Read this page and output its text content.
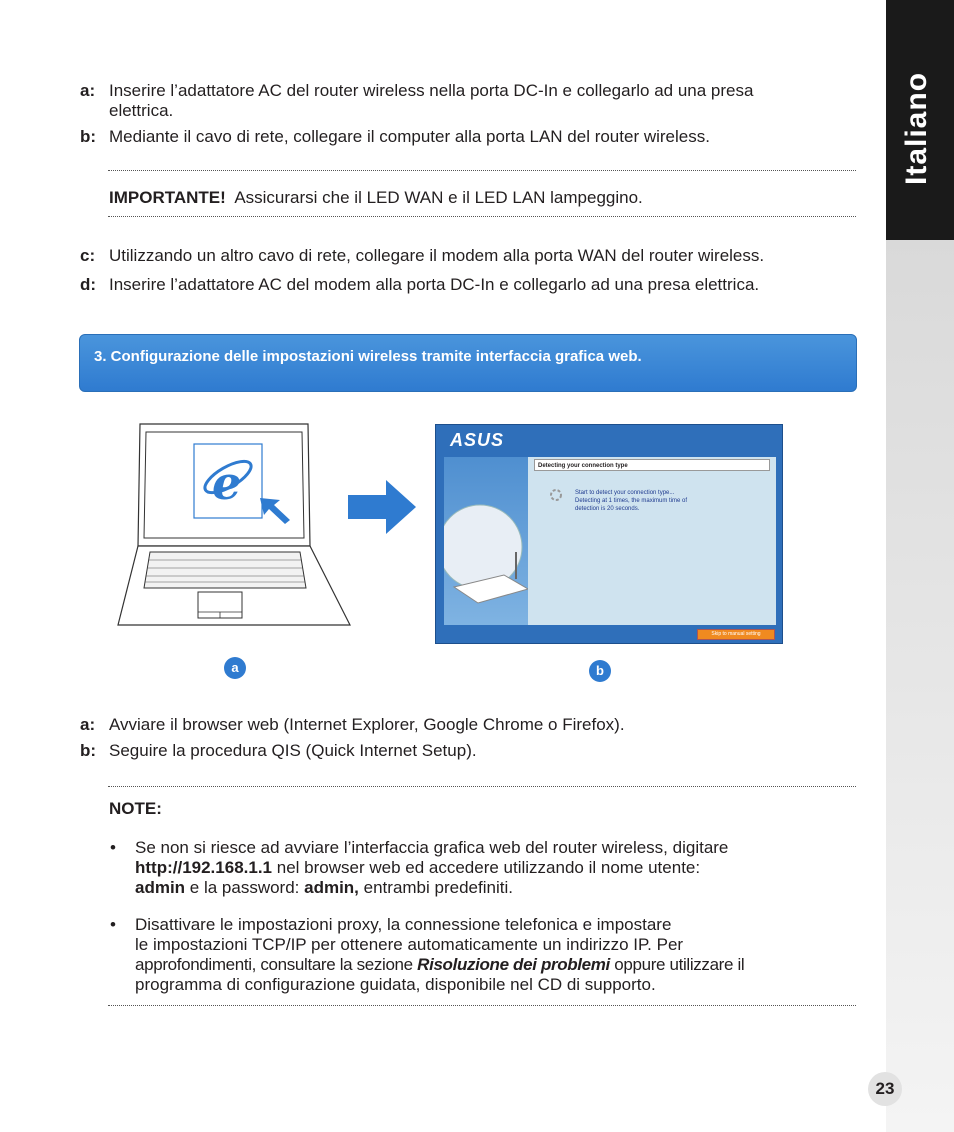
Italiano
23
a: Inserire l’adattatore AC del router wireless nella porta DC-In e collegarlo ad una presa
elettrica.
b: Mediante il cavo di rete, collegare il computer alla porta LAN del router wireless.
IMPORTANTE! Assicurarsi che il LED WAN e il LED LAN lampeggino.
c: Utilizzando un altro cavo di rete, collegare il modem alla porta WAN del router wireless.
d: Inserire l’adattatore AC del modem alla porta DC-In e collegarlo ad una presa elettrica.
3. Configurazione delle impostazioni wireless tramite interfaccia grafica web.
e
ASUS
Detecting your connection type
Start to detect your connection type...
Detecting at 1 times, the maximum time of
detection is 20 seconds.
Skip to manual setting
a	b
a: Avviare il browser web (Internet Explorer, Google Chrome o Firefox).
b: Seguire la procedura QIS (Quick Internet Setup).
NOTE:
• Se non si riesce ad avviare l’interfaccia grafica web del router wireless, digitare
http://192.168.1.1 nel browser web ed accedere utilizzando il nome utente:
admin e la password: admin, entrambi predefiniti.
• Disattivare le impostazioni proxy, la connessione telefonica e impostare
le impostazioni TCP/IP per ottenere automaticamente un indirizzo IP. Per
approfondimenti, consultare la sezione Risoluzione dei problemi oppure utilizzare il
programma di configurazione guidata, disponibile nel CD di supporto.
